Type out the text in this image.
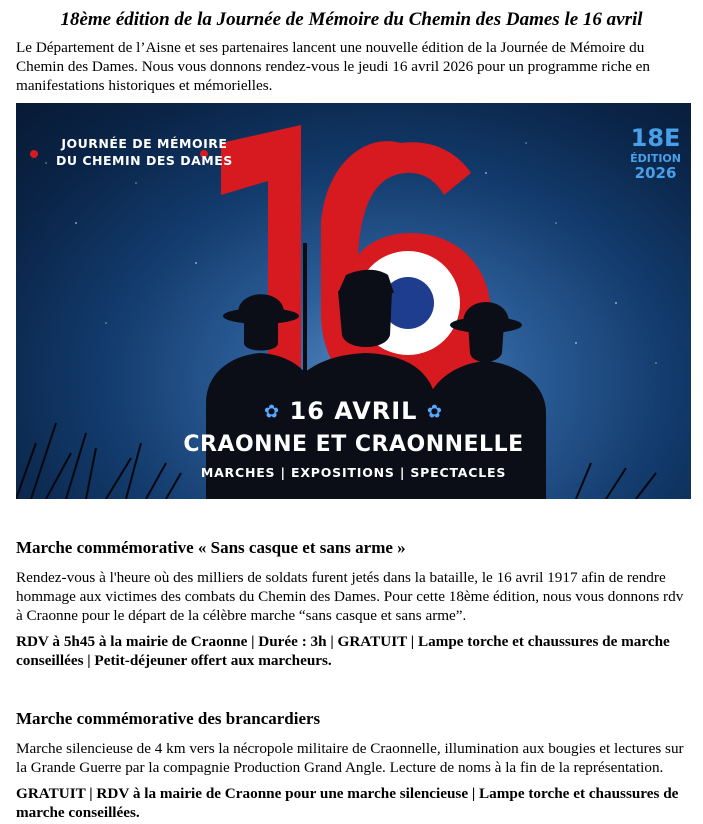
18ème édition de la Journée de Mémoire du Chemin des Dames le 16 avril

Le Département de l’Aisne et ses partenaires lancent une nouvelle édition de la Journée de Mémoire du Chemin des Dames. Nous vous donnons rendez-vous le jeudi 16 avril 2026 pour un programme riche en manifestations historiques et mémorielles.

JOURNÉE DE MÉMOIRE
DU CHEMIN DES DAMES
18E
ÉDITION
2026
✿ 16 AVRIL ✿
CRAONNE ET CRAONNELLE
MARCHES | EXPOSITIONS | SPECTACLES
Marche commémorative « Sans casque et sans arme »

Rendez-vous à l'heure où des milliers de soldats furent jetés dans la bataille, le 16 avril 1917 afin de rendre hommage aux victimes des combats du Chemin des Dames. Pour cette 18ème édition, nous vous donnons rdv à Craonne pour le départ de la célèbre marche “sans casque et sans arme”.

RDV à 5h45 à la mairie de Craonne | Durée : 3h | GRATUIT | Lampe torche et chaussures de marche conseillées | Petit-déjeuner offert aux marcheurs.

Marche commémorative des brancardiers

Marche silencieuse de 4 km vers la nécropole militaire de Craonnelle, illumination aux bougies et lectures sur la Grande Guerre par la compagnie Production Grand Angle. Lecture de noms à la fin de la représentation.

GRATUIT | RDV à la mairie de Craonne pour une marche silencieuse | Lampe torche et chaussures de marche conseillées.
